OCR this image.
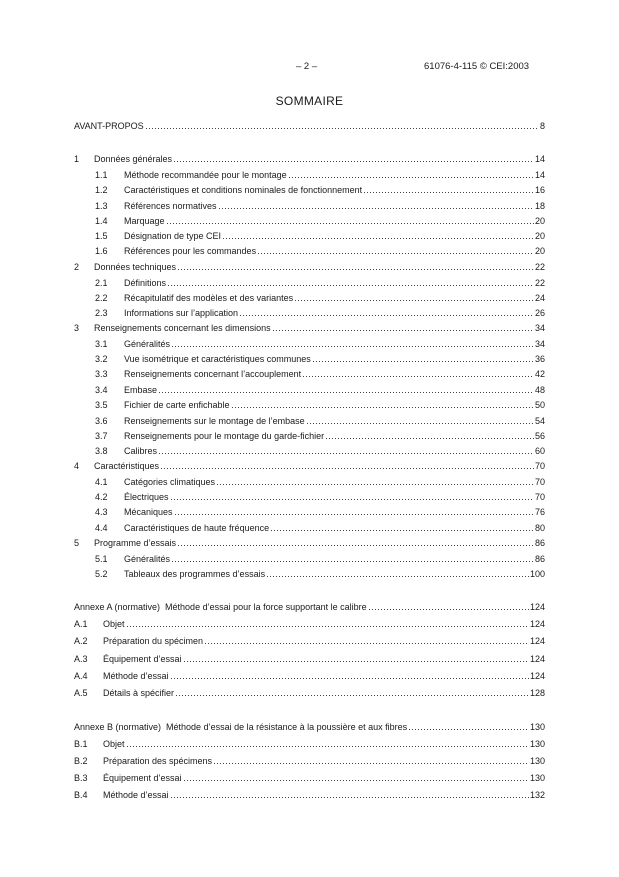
– 2 –	61076-4-115 © CEI:2003
SOMMAIRE
AVANT-PROPOS	8
1	Données générales	14
1.1	Méthode recommandée pour le montage	14
1.2	Caractéristiques et conditions nominales de fonctionnement	16
1.3	Références normatives	18
1.4	Marquage	20
1.5	Désignation de type CEI	20
1.6	Références pour les commandes	20
2	Données techniques	22
2.1	Définitions	22
2.2	Récapitulatif des modèles et des variantes	24
2.3	Informations sur l’application	26
3	Renseignements concernant les dimensions	34
3.1	Généralités	34
3.2	Vue isométrique et caractéristiques communes	36
3.3	Renseignements concernant l’accouplement	42
3.4	Embase	48
3.5	Fichier de carte enfichable	50
3.6	Renseignements sur le montage de l’embase	54
3.7	Renseignements pour le montage du garde-fichier	56
3.8	Calibres	60
4	Caractéristiques	70
4.1	Catégories climatiques	70
4.2	Électriques	70
4.3	Mécaniques	76
4.4	Caractéristiques de haute fréquence	80
5	Programme d’essais	86
5.1	Généralités	86
5.2	Tableaux des programmes d’essais	100
Annexe A (normative)  Méthode d’essai pour la force supportant le calibre	124
A.1	Objet	124
A.2	Préparation du spécimen	124
A.3	Équipement d’essai	124
A.4	Méthode d’essai	124
A.5	Détails à spécifier	128
Annexe B (normative)  Méthode d’essai de la résistance à la poussière et aux fibres	130
B.1	Objet	130
B.2	Préparation des spécimens	130
B.3	Équipement d’essai	130
B.4	Méthode d’essai	132
